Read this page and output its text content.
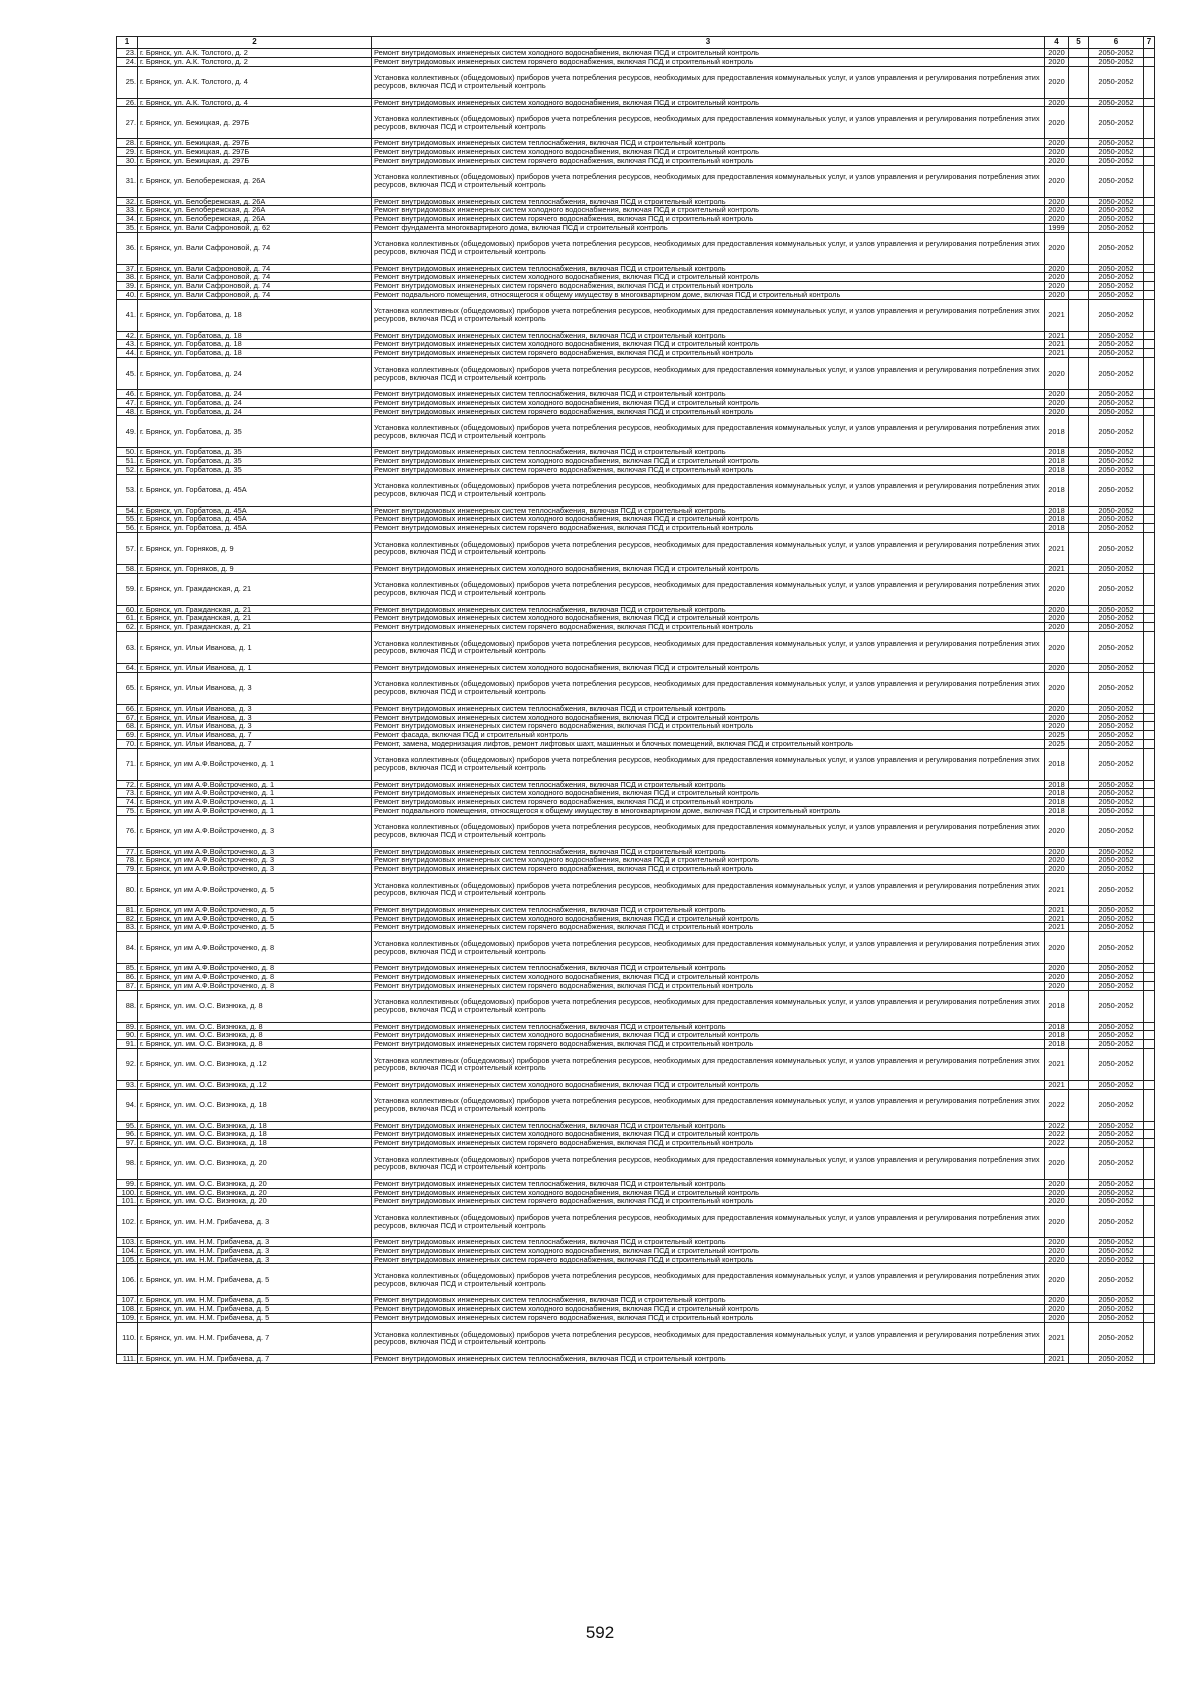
1	2	3	4	5	6	7
23.	г. Брянск, ул. А.К. Толстого, д. 2	Ремонт внутридомовых инженерных систем холодного водоснабжения, включая ПСД и строительный контроль	2020		2050-2052	
24.	г. Брянск, ул. А.К. Толстого, д. 2	Ремонт внутридомовых инженерных систем горячего водоснабжения, включая ПСД и строительный контроль	2020		2050-2052	
25.	г. Брянск, ул. А.К. Толстого, д. 4	Установка коллективных (общедомовых) приборов учета потребления ресурсов, необходимых для предоставления коммунальных услуг, и узлов управления и регулирования потребления этих ресурсов, включая ПСД и строительный контроль	2020		2050-2052	
26.	г. Брянск, ул. А.К. Толстого, д. 4	Ремонт внутридомовых инженерных систем холодного водоснабжения, включая ПСД и строительный контроль	2020		2050-2052	
27.	г. Брянск, ул. Бежицкая, д. 297Б	Установка коллективных (общедомовых) приборов учета потребления ресурсов, необходимых для предоставления коммунальных услуг, и узлов управления и регулирования потребления этих ресурсов, включая ПСД и строительный контроль	2020		2050-2052	
28.	г. Брянск, ул. Бежицкая, д. 297Б	Ремонт внутридомовых инженерных систем теплоснабжения, включая ПСД и строительный контроль	2020		2050-2052	
29.	г. Брянск, ул. Бежицкая, д. 297Б	Ремонт внутридомовых инженерных систем холодного водоснабжения, включая ПСД и строительный контроль	2020		2050-2052	
30.	г. Брянск, ул. Бежицкая, д. 297Б	Ремонт внутридомовых инженерных систем горячего водоснабжения, включая ПСД и строительный контроль	2020		2050-2052	
31.	г. Брянск, ул. Белобережская, д. 26А	Установка коллективных (общедомовых) приборов учета потребления ресурсов, необходимых для предоставления коммунальных услуг, и узлов управления и регулирования потребления этих ресурсов, включая ПСД и строительный контроль	2020		2050-2052	
32.	г. Брянск, ул. Белобережская, д. 26А	Ремонт внутридомовых инженерных систем теплоснабжения, включая ПСД и строительный контроль	2020		2050-2052	
33.	г. Брянск, ул. Белобережская, д. 26А	Ремонт внутридомовых инженерных систем холодного водоснабжения, включая ПСД и строительный контроль	2020		2050-2052	
34.	г. Брянск, ул. Белобережская, д. 26А	Ремонт внутридомовых инженерных систем горячего водоснабжения, включая ПСД и строительный контроль	2020		2050-2052	
35.	г. Брянск, ул. Вали Сафроновой, д. 62	Ремонт фундамента многоквартирного дома, включая ПСД и строительный контроль	1999		2050-2052	
36.	г. Брянск, ул. Вали Сафроновой, д. 74	Установка коллективных (общедомовых) приборов учета потребления ресурсов, необходимых для предоставления коммунальных услуг, и узлов управления и регулирования потребления этих ресурсов, включая ПСД и строительный контроль	2020		2050-2052	
37.	г. Брянск, ул. Вали Сафроновой, д. 74	Ремонт внутридомовых инженерных систем теплоснабжения, включая ПСД и строительный контроль	2020		2050-2052	
38.	г. Брянск, ул. Вали Сафроновой, д. 74	Ремонт внутридомовых инженерных систем холодного водоснабжения, включая ПСД и строительный контроль	2020		2050-2052	
39.	г. Брянск, ул. Вали Сафроновой, д. 74	Ремонт внутридомовых инженерных систем горячего водоснабжения, включая ПСД и строительный контроль	2020		2050-2052	
40.	г. Брянск, ул. Вали Сафроновой, д. 74	Ремонт подвального помещения, относящегося к общему имуществу в многоквартирном доме, включая ПСД и строительный контроль	2020		2050-2052	
41.	г. Брянск, ул. Горбатова, д. 18	Установка коллективных (общедомовых) приборов учета потребления ресурсов, необходимых для предоставления коммунальных услуг, и узлов управления и регулирования потребления этих ресурсов, включая ПСД и строительный контроль	2021		2050-2052	
42.	г. Брянск, ул. Горбатова, д. 18	Ремонт внутридомовых инженерных систем теплоснабжения, включая ПСД и строительный контроль	2021		2050-2052	
43.	г. Брянск, ул. Горбатова, д. 18	Ремонт внутридомовых инженерных систем холодного водоснабжения, включая ПСД и строительный контроль	2021		2050-2052	
44.	г. Брянск, ул. Горбатова, д. 18	Ремонт внутридомовых инженерных систем горячего водоснабжения, включая ПСД и строительный контроль	2021		2050-2052	
45.	г. Брянск, ул. Горбатова, д. 24	Установка коллективных (общедомовых) приборов учета потребления ресурсов, необходимых для предоставления коммунальных услуг, и узлов управления и регулирования потребления этих ресурсов, включая ПСД и строительный контроль	2020		2050-2052	
46.	г. Брянск, ул. Горбатова, д. 24	Ремонт внутридомовых инженерных систем теплоснабжения, включая ПСД и строительный контроль	2020		2050-2052	
47.	г. Брянск, ул. Горбатова, д. 24	Ремонт внутридомовых инженерных систем холодного водоснабжения, включая ПСД и строительный контроль	2020		2050-2052	
48.	г. Брянск, ул. Горбатова, д. 24	Ремонт внутридомовых инженерных систем горячего водоснабжения, включая ПСД и строительный контроль	2020		2050-2052	
49.	г. Брянск, ул. Горбатова, д. 35	Установка коллективных (общедомовых) приборов учета потребления ресурсов, необходимых для предоставления коммунальных услуг, и узлов управления и регулирования потребления этих ресурсов, включая ПСД и строительный контроль	2018		2050-2052	
50.	г. Брянск, ул. Горбатова, д. 35	Ремонт внутридомовых инженерных систем теплоснабжения, включая ПСД и строительный контроль	2018		2050-2052	
51.	г. Брянск, ул. Горбатова, д. 35	Ремонт внутридомовых инженерных систем холодного водоснабжения, включая ПСД и строительный контроль	2018		2050-2052	
52.	г. Брянск, ул. Горбатова, д. 35	Ремонт внутридомовых инженерных систем горячего водоснабжения, включая ПСД и строительный контроль	2018		2050-2052	
53.	г. Брянск, ул. Горбатова, д. 45А	Установка коллективных (общедомовых) приборов учета потребления ресурсов, необходимых для предоставления коммунальных услуг, и узлов управления и регулирования потребления этих ресурсов, включая ПСД и строительный контроль	2018		2050-2052	
54.	г. Брянск, ул. Горбатова, д. 45А	Ремонт внутридомовых инженерных систем теплоснабжения, включая ПСД и строительный контроль	2018		2050-2052	
55.	г. Брянск, ул. Горбатова, д. 45А	Ремонт внутридомовых инженерных систем холодного водоснабжения, включая ПСД и строительный контроль	2018		2050-2052	
56.	г. Брянск, ул. Горбатова, д. 45А	Ремонт внутридомовых инженерных систем горячего водоснабжения, включая ПСД и строительный контроль	2018		2050-2052	
57.	г. Брянск, ул. Горняков, д. 9	Установка коллективных (общедомовых) приборов учета потребления ресурсов, необходимых для предоставления коммунальных услуг, и узлов управления и регулирования потребления этих ресурсов, включая ПСД и строительный контроль	2021		2050-2052	
58.	г. Брянск, ул. Горняков, д. 9	Ремонт внутридомовых инженерных систем холодного водоснабжения, включая ПСД и строительный контроль	2021		2050-2052	
59.	г. Брянск, ул. Гражданская, д. 21	Установка коллективных (общедомовых) приборов учета потребления ресурсов, необходимых для предоставления коммунальных услуг, и узлов управления и регулирования потребления этих ресурсов, включая ПСД и строительный контроль	2020		2050-2052	
60.	г. Брянск, ул. Гражданская, д. 21	Ремонт внутридомовых инженерных систем теплоснабжения, включая ПСД и строительный контроль	2020		2050-2052	
61.	г. Брянск, ул. Гражданская, д. 21	Ремонт внутридомовых инженерных систем холодного водоснабжения, включая ПСД и строительный контроль	2020		2050-2052	
62.	г. Брянск, ул. Гражданская, д. 21	Ремонт внутридомовых инженерных систем горячего водоснабжения, включая ПСД и строительный контроль	2020		2050-2052	
63.	г. Брянск, ул. Ильи Иванова, д. 1	Установка коллективных (общедомовых) приборов учета потребления ресурсов, необходимых для предоставления коммунальных услуг, и узлов управления и регулирования потребления этих ресурсов, включая ПСД и строительный контроль	2020		2050-2052	
64.	г. Брянск, ул. Ильи Иванова, д. 1	Ремонт внутридомовых инженерных систем холодного водоснабжения, включая ПСД и строительный контроль	2020		2050-2052	
65.	г. Брянск, ул. Ильи Иванова, д. 3	Установка коллективных (общедомовых) приборов учета потребления ресурсов, необходимых для предоставления коммунальных услуг, и узлов управления и регулирования потребления этих ресурсов, включая ПСД и строительный контроль	2020		2050-2052	
66.	г. Брянск, ул. Ильи Иванова, д. 3	Ремонт внутридомовых инженерных систем теплоснабжения, включая ПСД и строительный контроль	2020		2050-2052	
67.	г. Брянск, ул. Ильи Иванова, д. 3	Ремонт внутридомовых инженерных систем холодного водоснабжения, включая ПСД и строительный контроль	2020		2050-2052	
68.	г. Брянск, ул. Ильи Иванова, д. 3	Ремонт внутридомовых инженерных систем горячего водоснабжения, включая ПСД и строительный контроль	2020		2050-2052	
69.	г. Брянск, ул. Ильи Иванова, д. 7	Ремонт фасада, включая ПСД и строительный контроль	2025		2050-2052	
70.	г. Брянск, ул. Ильи Иванова, д. 7	Ремонт, замена, модернизация лифтов, ремонт лифтовых шахт, машинных и блочных помещений, включая ПСД и строительный контроль	2025		2050-2052	
71.	г. Брянск, ул им А.Ф.Войстроченко, д. 1	Установка коллективных (общедомовых) приборов учета потребления ресурсов, необходимых для предоставления коммунальных услуг, и узлов управления и регулирования потребления этих ресурсов, включая ПСД и строительный контроль	2018		2050-2052	
72.	г. Брянск, ул им А.Ф.Войстроченко, д. 1	Ремонт внутридомовых инженерных систем теплоснабжения, включая ПСД и строительный контроль	2018		2050-2052	
73.	г. Брянск, ул им А.Ф.Войстроченко, д. 1	Ремонт внутридомовых инженерных систем холодного водоснабжения, включая ПСД и строительный контроль	2018		2050-2052	
74.	г. Брянск, ул им А.Ф.Войстроченко, д. 1	Ремонт внутридомовых инженерных систем горячего водоснабжения, включая ПСД и строительный контроль	2018		2050-2052	
75.	г. Брянск, ул им А.Ф.Войстроченко, д. 1	Ремонт подвального помещения, относящегося к общему имуществу в многоквартирном доме, включая ПСД и строительный контроль	2018		2050-2052	
76.	г. Брянск, ул им А.Ф.Войстроченко, д. 3	Установка коллективных (общедомовых) приборов учета потребления ресурсов, необходимых для предоставления коммунальных услуг, и узлов управления и регулирования потребления этих ресурсов, включая ПСД и строительный контроль	2020		2050-2052	
77.	г. Брянск, ул им А.Ф.Войстроченко, д. 3	Ремонт внутридомовых инженерных систем теплоснабжения, включая ПСД и строительный контроль	2020		2050-2052	
78.	г. Брянск, ул им А.Ф.Войстроченко, д. 3	Ремонт внутридомовых инженерных систем холодного водоснабжения, включая ПСД и строительный контроль	2020		2050-2052	
79.	г. Брянск, ул им А.Ф.Войстроченко, д. 3	Ремонт внутридомовых инженерных систем горячего водоснабжения, включая ПСД и строительный контроль	2020		2050-2052	
80.	г. Брянск, ул им А.Ф.Войстроченко, д. 5	Установка коллективных (общедомовых) приборов учета потребления ресурсов, необходимых для предоставления коммунальных услуг, и узлов управления и регулирования потребления этих ресурсов, включая ПСД и строительный контроль	2021		2050-2052	
81.	г. Брянск, ул им А.Ф.Войстроченко, д. 5	Ремонт внутридомовых инженерных систем теплоснабжения, включая ПСД и строительный контроль	2021		2050-2052	
82.	г. Брянск, ул им А.Ф.Войстроченко, д. 5	Ремонт внутридомовых инженерных систем холодного водоснабжения, включая ПСД и строительный контроль	2021		2050-2052	
83.	г. Брянск, ул им А.Ф.Войстроченко, д. 5	Ремонт внутридомовых инженерных систем горячего водоснабжения, включая ПСД и строительный контроль	2021		2050-2052	
84.	г. Брянск, ул им А.Ф.Войстроченко, д. 8	Установка коллективных (общедомовых) приборов учета потребления ресурсов, необходимых для предоставления коммунальных услуг, и узлов управления и регулирования потребления этих ресурсов, включая ПСД и строительный контроль	2020		2050-2052	
85.	г. Брянск, ул им А.Ф.Войстроченко, д. 8	Ремонт внутридомовых инженерных систем теплоснабжения, включая ПСД и строительный контроль	2020		2050-2052	
86.	г. Брянск, ул им А.Ф.Войстроченко, д. 8	Ремонт внутридомовых инженерных систем холодного водоснабжения, включая ПСД и строительный контроль	2020		2050-2052	
87.	г. Брянск, ул им А.Ф.Войстроченко, д. 8	Ремонт внутридомовых инженерных систем горячего водоснабжения, включая ПСД и строительный контроль	2020		2050-2052	
88.	г. Брянск, ул. им. О.С. Визнюка, д. 8	Установка коллективных (общедомовых) приборов учета потребления ресурсов, необходимых для предоставления коммунальных услуг, и узлов управления и регулирования потребления этих ресурсов, включая ПСД и строительный контроль	2018		2050-2052	
89.	г. Брянск, ул. им. О.С. Визнюка, д. 8	Ремонт внутридомовых инженерных систем теплоснабжения, включая ПСД и строительный контроль	2018		2050-2052	
90.	г. Брянск, ул. им. О.С. Визнюка, д. 8	Ремонт внутридомовых инженерных систем холодного водоснабжения, включая ПСД и строительный контроль	2018		2050-2052	
91.	г. Брянск, ул. им. О.С. Визнюка, д. 8	Ремонт внутридомовых инженерных систем горячего водоснабжения, включая ПСД и строительный контроль	2018		2050-2052	
92.	г. Брянск, ул. им. О.С. Визнюка, д .12	Установка коллективных (общедомовых) приборов учета потребления ресурсов, необходимых для предоставления коммунальных услуг, и узлов управления и регулирования потребления этих ресурсов, включая ПСД и строительный контроль	2021		2050-2052	
93.	г. Брянск, ул. им. О.С. Визнюка, д .12	Ремонт внутридомовых инженерных систем холодного водоснабжения, включая ПСД и строительный контроль	2021		2050-2052	
94.	г. Брянск, ул. им. О.С. Визнюка, д. 18	Установка коллективных (общедомовых) приборов учета потребления ресурсов, необходимых для предоставления коммунальных услуг, и узлов управления и регулирования потребления этих ресурсов, включая ПСД и строительный контроль	2022		2050-2052	
95.	г. Брянск, ул. им. О.С. Визнюка, д. 18	Ремонт внутридомовых инженерных систем теплоснабжения, включая ПСД и строительный контроль	2022		2050-2052	
96.	г. Брянск, ул. им. О.С. Визнюка, д. 18	Ремонт внутридомовых инженерных систем холодного водоснабжения, включая ПСД и строительный контроль	2022		2050-2052	
97.	г. Брянск, ул. им. О.С. Визнюка, д. 18	Ремонт внутридомовых инженерных систем горячего водоснабжения, включая ПСД и строительный контроль	2022		2050-2052	
98.	г. Брянск, ул. им. О.С. Визнюка, д. 20	Установка коллективных (общедомовых) приборов учета потребления ресурсов, необходимых для предоставления коммунальных услуг, и узлов управления и регулирования потребления этих ресурсов, включая ПСД и строительный контроль	2020		2050-2052	
99.	г. Брянск, ул. им. О.С. Визнюка, д. 20	Ремонт внутридомовых инженерных систем теплоснабжения, включая ПСД и строительный контроль	2020		2050-2052	
100.	г. Брянск, ул. им. О.С. Визнюка, д. 20	Ремонт внутридомовых инженерных систем холодного водоснабжения, включая ПСД и строительный контроль	2020		2050-2052	
101.	г. Брянск, ул. им. О.С. Визнюка, д. 20	Ремонт внутридомовых инженерных систем горячего водоснабжения, включая ПСД и строительный контроль	2020		2050-2052	
102.	г. Брянск, ул. им. Н.М. Грибачева, д. 3	Установка коллективных (общедомовых) приборов учета потребления ресурсов, необходимых для предоставления коммунальных услуг, и узлов управления и регулирования потребления этих ресурсов, включая ПСД и строительный контроль	2020		2050-2052	
103.	г. Брянск, ул. им. Н.М. Грибачева, д. 3	Ремонт внутридомовых инженерных систем теплоснабжения, включая ПСД и строительный контроль	2020		2050-2052	
104.	г. Брянск, ул. им. Н.М. Грибачева, д. 3	Ремонт внутридомовых инженерных систем холодного водоснабжения, включая ПСД и строительный контроль	2020		2050-2052	
105.	г. Брянск, ул. им. Н.М. Грибачева, д. 3	Ремонт внутридомовых инженерных систем горячего водоснабжения, включая ПСД и строительный контроль	2020		2050-2052	
106.	г. Брянск, ул. им. Н.М. Грибачева, д. 5	Установка коллективных (общедомовых) приборов учета потребления ресурсов, необходимых для предоставления коммунальных услуг, и узлов управления и регулирования потребления этих ресурсов, включая ПСД и строительный контроль	2020		2050-2052	
107.	г. Брянск, ул. им. Н.М. Грибачева, д. 5	Ремонт внутридомовых инженерных систем теплоснабжения, включая ПСД и строительный контроль	2020		2050-2052	
108.	г. Брянск, ул. им. Н.М. Грибачева, д. 5	Ремонт внутридомовых инженерных систем холодного водоснабжения, включая ПСД и строительный контроль	2020		2050-2052	
109.	г. Брянск, ул. им. Н.М. Грибачева, д. 5	Ремонт внутридомовых инженерных систем горячего водоснабжения, включая ПСД и строительный контроль	2020		2050-2052	
110.	г. Брянск, ул. им. Н.М. Грибачева, д. 7	Установка коллективных (общедомовых) приборов учета потребления ресурсов, необходимых для предоставления коммунальных услуг, и узлов управления и регулирования потребления этих ресурсов, включая ПСД и строительный контроль	2021		2050-2052	
111.	г. Брянск, ул. им. Н.М. Грибачева, д. 7	Ремонт внутридомовых инженерных систем теплоснабжения, включая ПСД и строительный контроль	2021		2050-2052	
592
